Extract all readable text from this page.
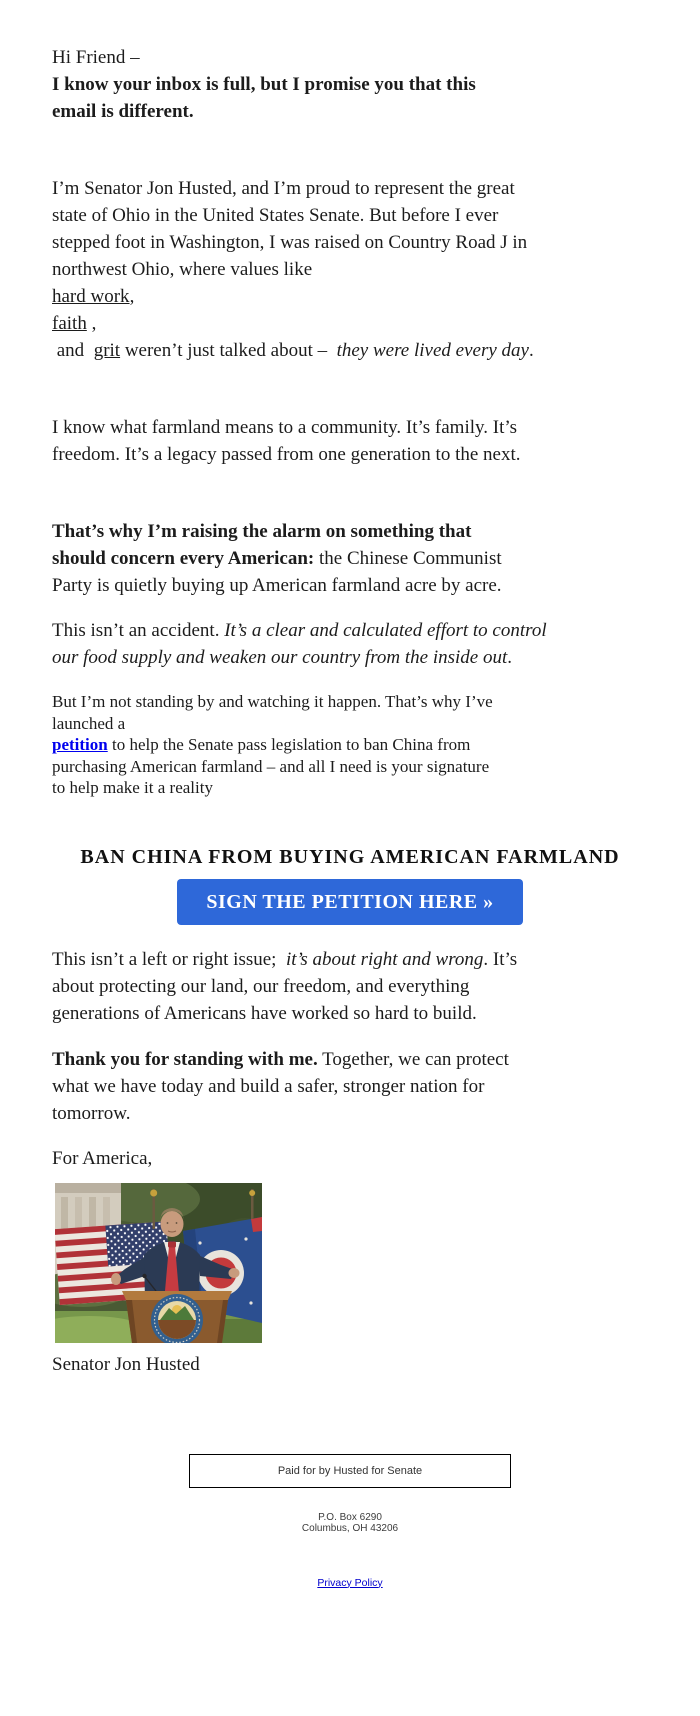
Hi Friend –
I know your inbox is full, but I promise you that this
email is different.
I’m Senator Jon Husted, and I’m proud to represent the great
state of Ohio in the United States Senate. But before I ever
stepped foot in Washington, I was raised on Country Road J in
northwest Ohio, where values like
hard work,
faith ,
and  grit weren’t just talked about –  they were lived every day.
I know what farmland means to a community. It’s family. It’s
freedom. It’s a legacy passed from one generation to the next.
That’s why I’m raising the alarm on something that
should concern every American: the Chinese Communist
Party is quietly buying up American farmland acre by acre.
This isn’t an accident. It’s a clear and calculated effort to control
our food supply and weaken our country from the inside out.
But I’m not standing by and watching it happen. That’s why I’ve
launched a
petition to help the Senate pass legislation to ban China from
purchasing American farmland – and all I need is your signature
to help make it a reality
BAN CHINA FROM BUYING AMERICAN FARMLAND
SIGN THE PETITION HERE »
This isn’t a left or right issue;  it’s about right and wrong. It’s
about protecting our land, our freedom, and everything
generations of Americans have worked so hard to build.
Thank you for standing with me. Together, we can protect
what we have today and build a safer, stronger nation for
tomorrow.
For America,
Senator Jon Husted
Paid for by Husted for Senate
P.O. Box 6290
Columbus, OH 43206
Privacy Policy
